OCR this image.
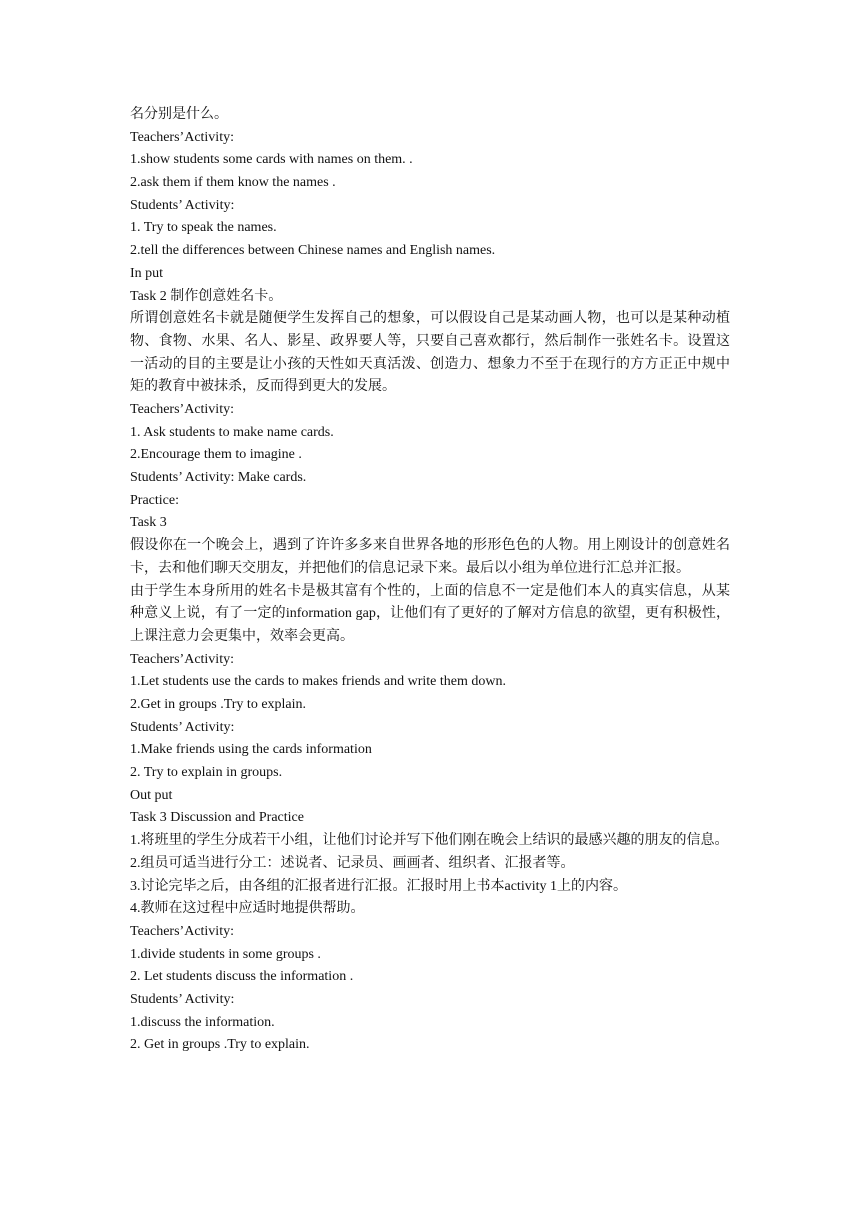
名分别是什么。
Teachers’Activity:
1.show students some cards with names on them. .
2.ask them if them know the names .
Students’ Activity:
1. Try to speak the names.
2.tell the differences between Chinese names and English names.
In put
Task 2 制作创意姓名卡。
所谓创意姓名卡就是随便学生发挥自己的想象，可以假设自己是某动画人物，也可以是某种动植物、食物、水果、名人、影星、政界要人等，只要自己喜欢都行，然后制作一张姓名卡。设置这一活动的目的主要是让小孩的天性如天真活泼、创造力、想象力不至于在现行的方方正正中规中矩的教育中被抹杀，反而得到更大的发展。
Teachers’Activity:
1. Ask students to make name cards.
2.Encourage them to imagine .
Students’ Activity: Make cards.
Practice:
Task 3
假设你在一个晚会上，遇到了许许多多来自世界各地的形形色色的人物。用上刚设计的创意姓名卡，去和他们聊天交朋友，并把他们的信息记录下来。最后以小组为单位进行汇总并汇报。
由于学生本身所用的姓名卡是极其富有个性的，上面的信息不一定是他们本人的真实信息，从某种意义上说，有了一定的information gap，让他们有了更好的了解对方信息的欲望，更有积极性，上课注意力会更集中，效率会更高。
Teachers’Activity:
1.Let students use the cards to makes friends and write them down.
2.Get in groups .Try to explain.
Students’ Activity:
1.Make friends using the cards information
2. Try to explain in groups.
Out put
Task 3 Discussion and Practice
1.将班里的学生分成若干小组，让他们讨论并写下他们刚在晚会上结识的最感兴趣的朋友的信息。
2.组员可适当进行分工：述说者、记录员、画画者、组织者、汇报者等。
3.讨论完毕之后，由各组的汇报者进行汇报。汇报时用上书本activity 1上的内容。
4.教师在这过程中应适时地提供帮助。
Teachers’Activity:
1.divide students in some groups .
2. Let students discuss the information .
Students’ Activity:
1.discuss the information.
2. Get in groups .Try to explain.
